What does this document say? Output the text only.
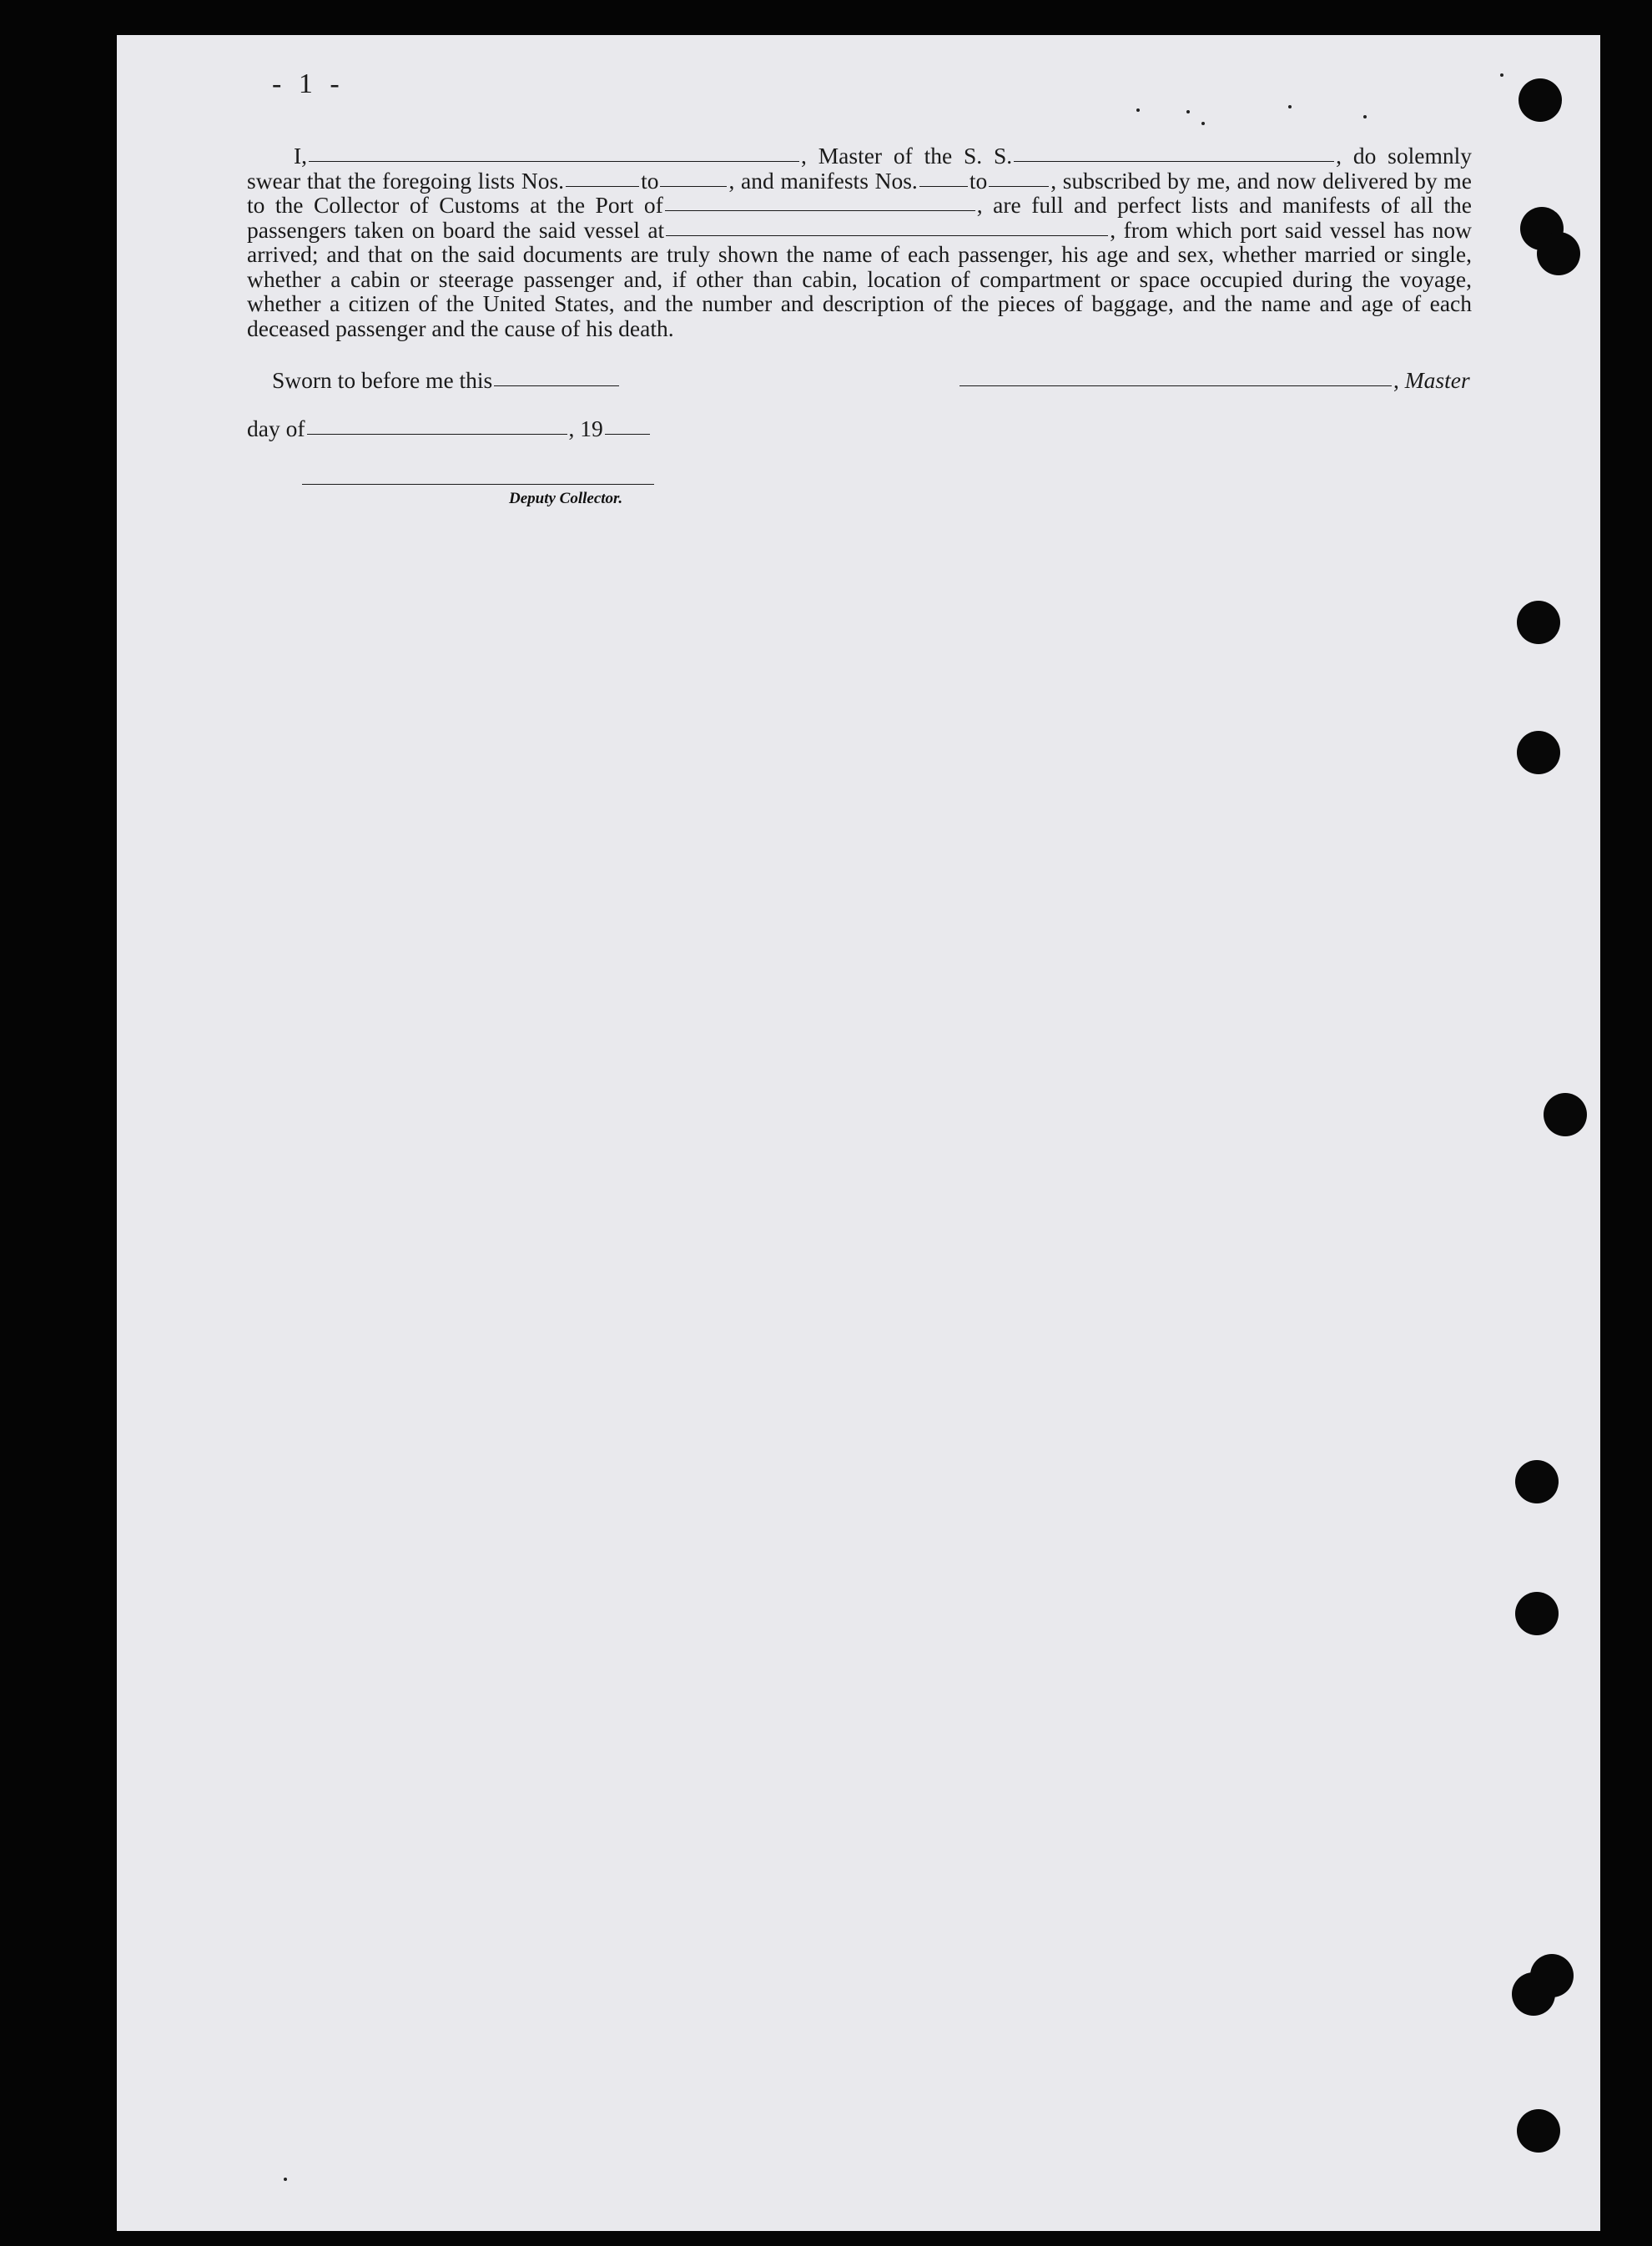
- 1 -
I,	, Master of the S. S.	, do solemnly swear that the foregoing lists Nos.	to	, and manifests Nos. to	, subscribed by me, and now delivered by me to the Collector of Customs at the Port of	, are full and perfect lists and manifests of all the passengers taken on board the said vessel at	, from which port said vessel has now arrived; and that on the said documents are truly shown the name of each passenger, his age and sex, whether married or single, whether a cabin or steerage passenger and, if other than cabin, location of compartment or space occupied during the voyage, whether a citizen of the United States, and the number and description of the pieces of baggage, and the name and age of each deceased passenger and the cause of his death.
Sworn to before me this	, Master
day of	, 19
Deputy Collector.
